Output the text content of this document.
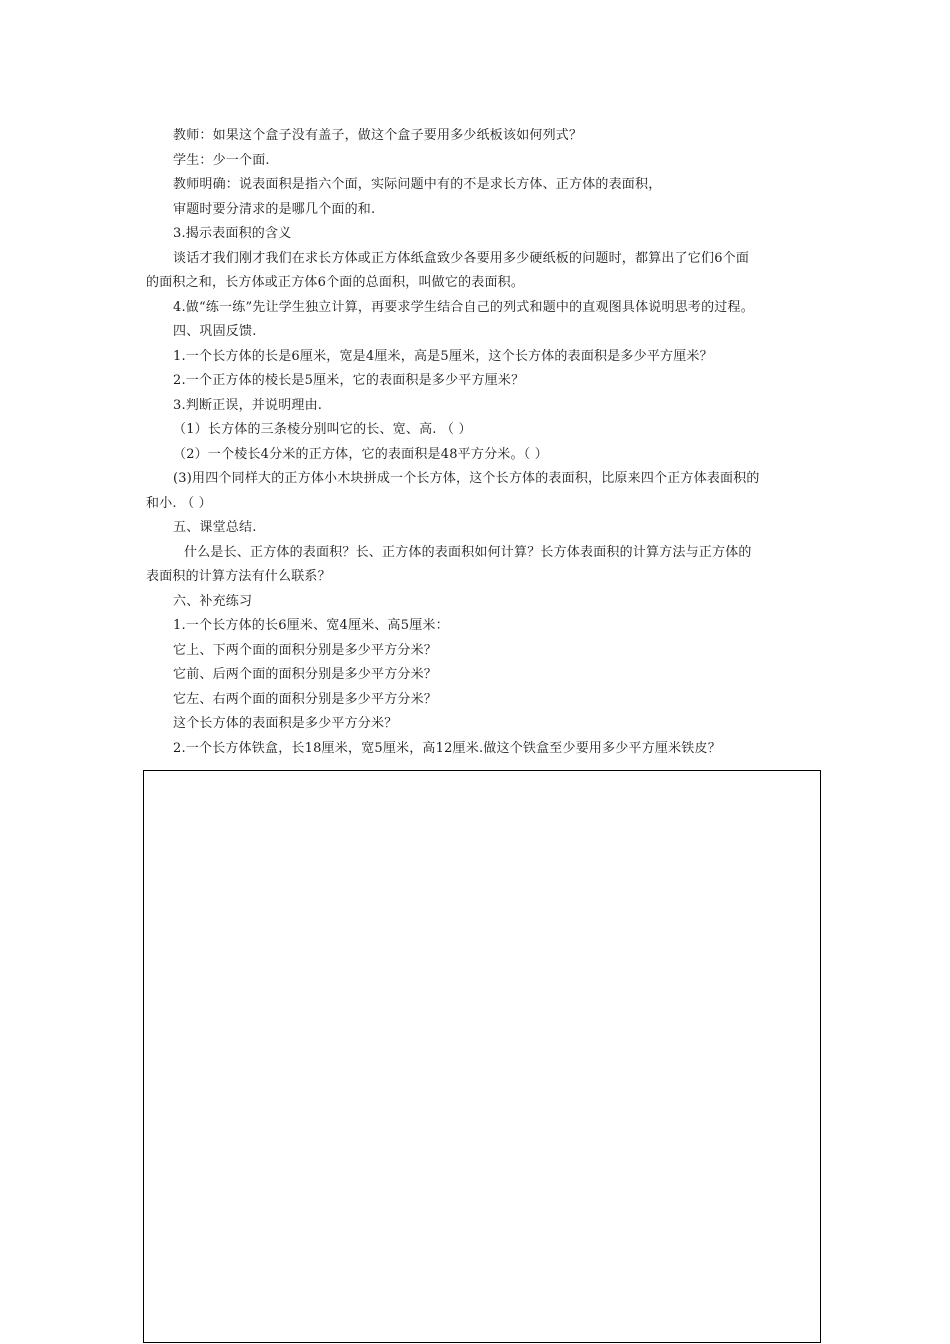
教师：如果这个盒子没有盖子，做这个盒子要用多少纸板该如何列式？
学生：少一个面.
教师明确：说表面积是指六个面，实际问题中有的不是求长方体、正方体的表面积，
审题时要分清求的是哪几个面的和.
3.揭示表面积的含义
谈话才我们刚才我们在求长方体或正方体纸盒致少各要用多少硬纸板的问题时，都算出了它们6个面
的面积之和，长方体或正方体6个面的总面积，叫做它的表面积。
4.做“练一练”先让学生独立计算，再要求学生结合自己的列式和题中的直观图具体说明思考的过程。
四、巩固反馈.
1.一个长方体的长是6厘米，宽是4厘米，高是5厘米，这个长方体的表面积是多少平方厘米？
2.一个正方体的棱长是5厘米，它的表面积是多少平方厘米？
3.判断正误，并说明理由.
（1）长方体的三条棱分别叫它的长、宽、高. （ ）
（2）一个棱长4分米的正方体，它的表面积是48平方分米。（ ）
(3)用四个同样大的正方体小木块拼成一个长方体，这个长方体的表面积，比原来四个正方体表面积的
和小. （ ）
五、课堂总结.
什么是长、正方体的表面积？长、正方体的表面积如何计算？长方体表面积的计算方法与正方体的
表面积的计算方法有什么联系？
六、补充练习
1.一个长方体的长6厘米、宽4厘米、高5厘米：
它上、下两个面的面积分别是多少平方分米？
它前、后两个面的面积分别是多少平方分米？
它左、右两个面的面积分别是多少平方分米？
这个长方体的表面积是多少平方分米？
2.一个长方体铁盒，长18厘米，宽5厘米，高12厘米.做这个铁盒至少要用多少平方厘米铁皮？
